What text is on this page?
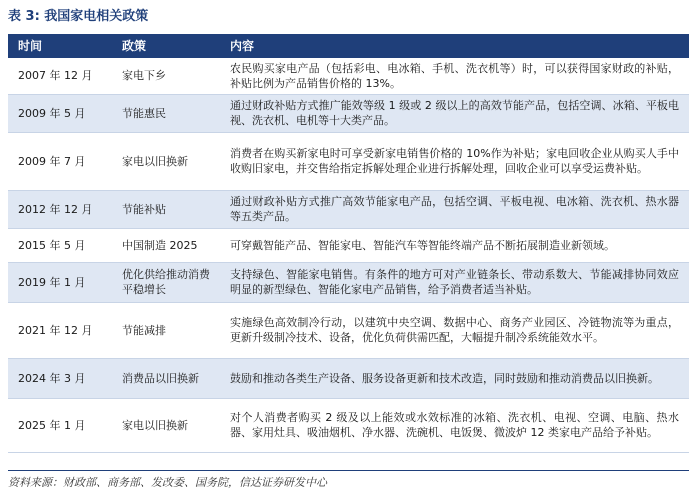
表 3: 我国家电相关政策
时间	政策	内容
2007 年 12 月	家电下乡	农民购买家电产品（包括彩电、电冰箱、手机、洗衣机等）时，可以获得国家财政的补贴，补贴比例为产品销售价格的 13%。
2009 年 5 月	节能惠民	通过财政补贴方式推广能效等级 1 级或 2 级以上的高效节能产品，包括空调、冰箱、平板电视、洗衣机、电机等十大类产品。
2009 年 7 月	家电以旧换新	消费者在购买新家电时可享受新家电销售价格的 10%作为补贴；家电回收企业从购买人手中收购旧家电，并交售给指定拆解处理企业进行拆解处理，回收企业可以享受运费补贴。
2012 年 12 月	节能补贴	通过财政补贴方式推广高效节能家电产品，包括空调、平板电视、电冰箱、洗衣机、热水器等五类产品。
2015 年 5 月	中国制造 2025	可穿戴智能产品、智能家电、智能汽车等智能终端产品不断拓展制造业新领域。
2019 年 1 月	优化供给推动消费平稳增长	支持绿色、智能家电销售。有条件的地方可对产业链条长、带动系数大、节能减排协同效应明显的新型绿色、智能化家电产品销售，给予消费者适当补贴。
2021 年 12 月	节能减排	实施绿色高效制冷行动，以建筑中央空调、数据中心、商务产业园区、冷链物流等为重点，更新升级制冷技术、设备，优化负荷供需匹配，大幅提升制冷系统能效水平。
2024 年 3 月	消费品以旧换新	鼓励和推动各类生产设备、服务设备更新和技术改造，同时鼓励和推动消费品以旧换新。
2025 年 1 月	家电以旧换新	对个人消费者购买 2 级及以上能效或水效标准的冰箱、洗衣机、电视、空调、电脑、热水器、家用灶具、吸油烟机、净水器、洗碗机、电饭煲、微波炉 12 类家电产品给予补贴。
资料来源：财政部、商务部、发改委、国务院，信达证券研发中心
